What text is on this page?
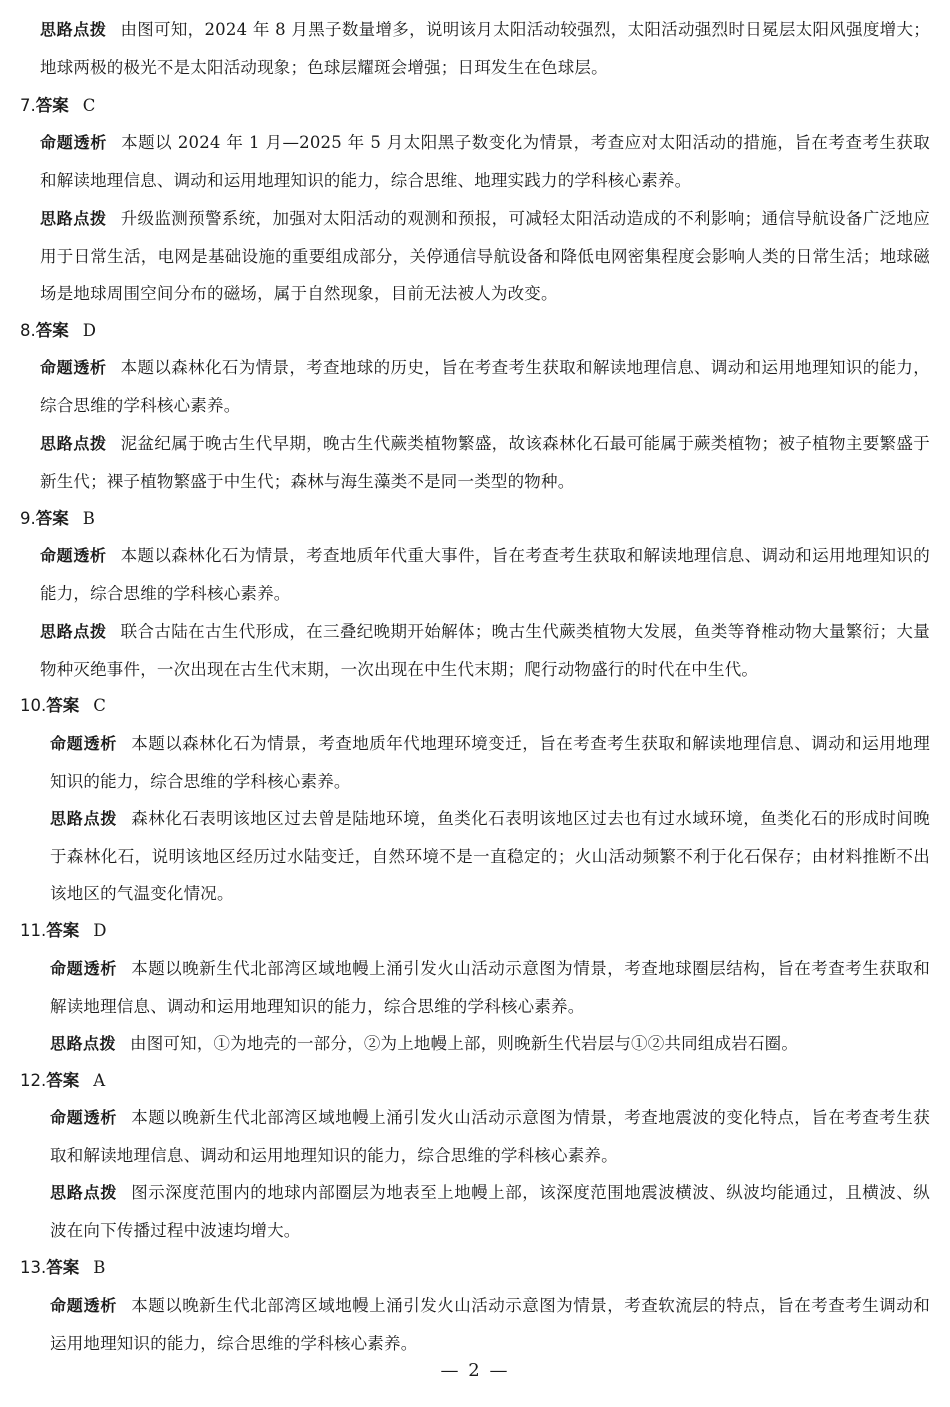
思路点拨 由图可知，2024 年 8 月黑子数量增多，说明该月太阳活动较强烈，太阳活动强烈时日冕层太阳风强度增大；地球两极的极光不是太阳活动现象；色球层耀斑会增强；日珥发生在色球层。

7.答案 C

命题透析 本题以 2024 年 1 月—2025 年 5 月太阳黑子数变化为情景，考查应对太阳活动的措施，旨在考查考生获取和解读地理信息、调动和运用地理知识的能力，综合思维、地理实践力的学科核心素养。

思路点拨 升级监测预警系统，加强对太阳活动的观测和预报，可减轻太阳活动造成的不利影响；通信导航设备广泛地应用于日常生活，电网是基础设施的重要组成部分，关停通信导航设备和降低电网密集程度会影响人类的日常生活；地球磁场是地球周围空间分布的磁场，属于自然现象，目前无法被人为改变。

8.答案 D

命题透析 本题以森林化石为情景，考查地球的历史，旨在考查考生获取和解读地理信息、调动和运用地理知识的能力，综合思维的学科核心素养。

思路点拨 泥盆纪属于晚古生代早期，晚古生代蕨类植物繁盛，故该森林化石最可能属于蕨类植物；被子植物主要繁盛于新生代；裸子植物繁盛于中生代；森林与海生藻类不是同一类型的物种。

9.答案 B

命题透析 本题以森林化石为情景，考查地质年代重大事件，旨在考查考生获取和解读地理信息、调动和运用地理知识的能力，综合思维的学科核心素养。

思路点拨 联合古陆在古生代形成，在三叠纪晚期开始解体；晚古生代蕨类植物大发展，鱼类等脊椎动物大量繁衍；大量物种灭绝事件，一次出现在古生代末期，一次出现在中生代末期；爬行动物盛行的时代在中生代。

10.答案 C

命题透析 本题以森林化石为情景，考查地质年代地理环境变迁，旨在考查考生获取和解读地理信息、调动和运用地理知识的能力，综合思维的学科核心素养。

思路点拨 森林化石表明该地区过去曾是陆地环境，鱼类化石表明该地区过去也有过水域环境，鱼类化石的形成时间晚于森林化石，说明该地区经历过水陆变迁，自然环境不是一直稳定的；火山活动频繁不利于化石保存；由材料推断不出该地区的气温变化情况。

11.答案 D

命题透析 本题以晚新生代北部湾区域地幔上涌引发火山活动示意图为情景，考查地球圈层结构，旨在考查考生获取和解读地理信息、调动和运用地理知识的能力，综合思维的学科核心素养。

思路点拨 由图可知，①为地壳的一部分，②为上地幔上部，则晚新生代岩层与①②共同组成岩石圈。

12.答案 A

命题透析 本题以晚新生代北部湾区域地幔上涌引发火山活动示意图为情景，考查地震波的变化特点，旨在考查考生获取和解读地理信息、调动和运用地理知识的能力，综合思维的学科核心素养。

思路点拨 图示深度范围内的地球内部圈层为地表至上地幔上部，该深度范围地震波横波、纵波均能通过，且横波、纵波在向下传播过程中波速均增大。

13.答案 B

命题透析 本题以晚新生代北部湾区域地幔上涌引发火山活动示意图为情景，考查软流层的特点，旨在考查考生调动和运用地理知识的能力，综合思维的学科核心素养。

— 2 —
